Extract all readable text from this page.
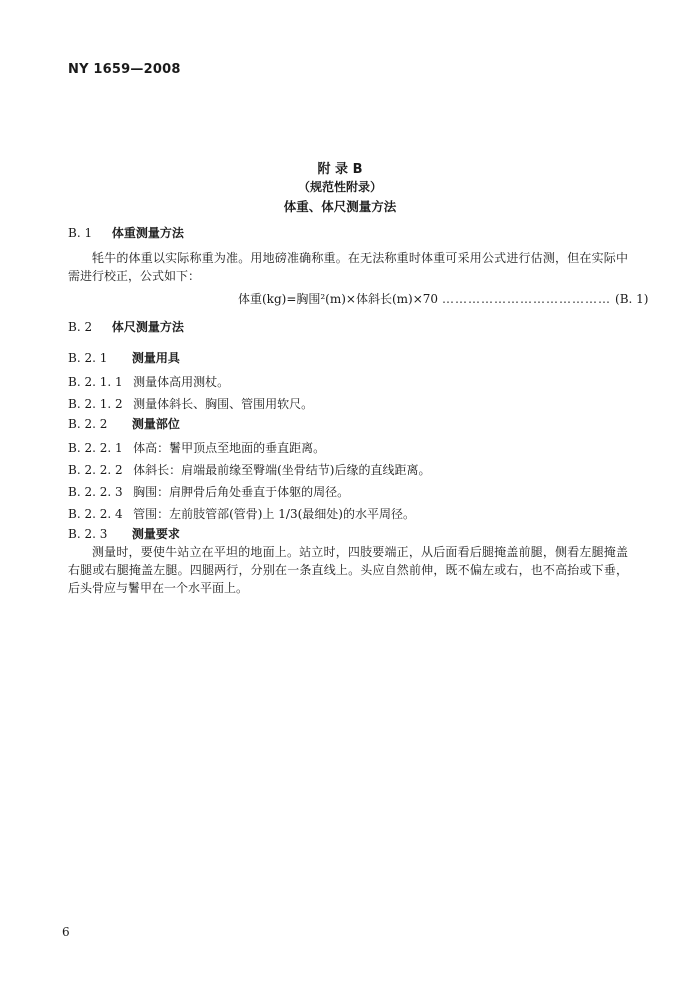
NY 1659—2008
附 录 B
（规范性附录）
体重、体尺测量方法
B. 1 体重测量方法
牦牛的体重以实际称重为准。用地磅准确称重。在无法称重时体重可采用公式进行估测，但在实际中需进行校正，公式如下：
体重(kg)=胸围²(m)×体斜长(m)×70 ………………………………… (B. 1)
B. 2 体尺测量方法
B. 2. 1 测量用具
B. 2. 1. 1 测量体高用测杖。
B. 2. 1. 2 测量体斜长、胸围、管围用软尺。
B. 2. 2 测量部位
B. 2. 2. 1 体高：鬐甲顶点至地面的垂直距离。
B. 2. 2. 2 体斜长：肩端最前缘至臀端(坐骨结节)后缘的直线距离。
B. 2. 2. 3 胸围：肩胛骨后角处垂直于体躯的周径。
B. 2. 2. 4 管围：左前肢管部(管骨)上 1/3(最细处)的水平周径。
B. 2. 3 测量要求
测量时，要使牛站立在平坦的地面上。站立时，四肢要端正，从后面看后腿掩盖前腿，侧看左腿掩盖右腿或右腿掩盖左腿。四腿两行，分别在一条直线上。头应自然前伸，既不偏左或右，也不高抬或下垂，后头骨应与鬐甲在一个水平面上。
6
